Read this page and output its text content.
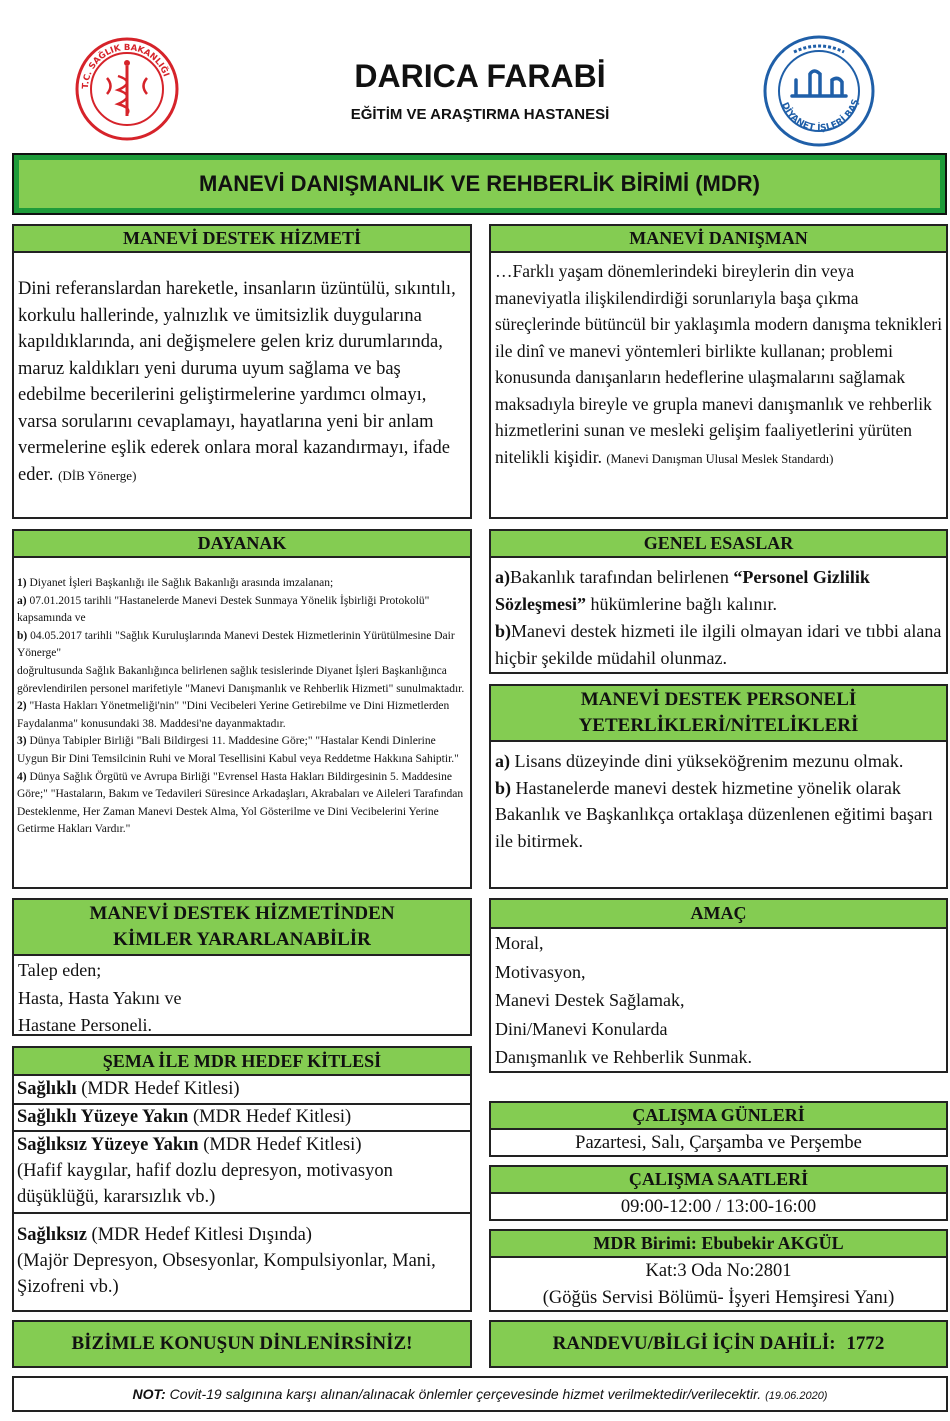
T.C. SAĞLIK BAKANLIĞI	DARICA FARABİ
EĞİTİM VE ARAŞTIRMA HASTANESİ	DİYANET İŞLERİ BAŞ
MANEVİ DANIŞMANLIK VE REHBERLİK BİRİMİ (MDR)
MANEVİ DESTEK HİZMETİ
Dini referanslardan hareketle, insanların üzüntülü, sıkıntılı, korkulu hallerinde, yalnızlık ve ümitsizlik duygularına kapıldıklarında, ani değişmelere gelen kriz durumlarında, maruz kaldıkları yeni duruma uyum sağlama ve baş edebilme becerilerini geliştirmelerine yardımcı olmayı, varsa sorularını cevaplamayı, hayatlarına yeni bir anlam vermelerine eşlik ederek onlara moral kazandırmayı, ifade eder. (DİB Yönerge)
MANEVİ DANIŞMAN
…Farklı yaşam dönemlerindeki bireylerin din veya maneviyatla ilişkilendirdiği sorunlarıyla başa çıkma süreçlerinde bütüncül bir yaklaşımla modern danışma teknikleri ile dinî ve manevi yöntemleri birlikte kullanan; problemi konusunda danışanların hedeflerine ulaşmalarını sağlamak maksadıyla bireyle ve grupla manevi danışmanlık ve rehberlik hizmetlerini sunan ve mesleki gelişim faaliyetlerini yürüten nitelikli kişidir. (Manevi Danışman Ulusal Meslek Standardı)
DAYANAK

1) Diyanet İşleri Başkanlığı ile Sağlık Bakanlığı arasında imzalanan;

a) 07.01.2015 tarihli "Hastanelerde Manevi Destek Sunmaya Yönelik İşbirliği Protokolü" kapsamında ve

b) 04.05.2017 tarihli "Sağlık Kuruluşlarında Manevi Destek Hizmetlerinin Yürütülmesine Dair Yönerge"

doğrultusunda Sağlık Bakanlığınca belirlenen sağlık tesislerinde Diyanet İşleri Başkanlığınca görevlendirilen personel marifetiyle "Manevi Danışmanlık ve Rehberlik Hizmeti" sunulmaktadır.

2) "Hasta Hakları Yönetmeliği'nin" "Dini Vecibeleri Yerine Getirebilme ve Dini Hizmetlerden Faydalanma" konusundaki 38. Maddesi'ne dayanmaktadır.

3) Dünya Tabipler Birliği "Bali Bildirgesi 11. Maddesine Göre;" "Hastalar Kendi Dinlerine Uygun Bir Dini Temsilcinin Ruhi ve Moral Tesellisini Kabul veya Reddetme Hakkına Sahiptir."

4) Dünya Sağlık Örgütü ve Avrupa Birliği "Evrensel Hasta Hakları Bildirgesinin 5. Maddesine Göre;" "Hastaların, Bakım ve Tedavileri Süresince Arkadaşları, Akrabaları ve Aileleri Tarafından Desteklenme, Her Zaman Manevi Destek Alma, Yol Gösterilme ve Dini Vecibelerini Yerine Getirme Hakları Vardır."

GENEL ESASLAR

a)Bakanlık tarafından belirlenen “Personel Gizlilik Sözleşmesi” hükümlerine bağlı kalınır.

b)Manevi destek hizmeti ile ilgili olmayan idari ve tıbbi alana hiçbir şekilde müdahil olunmaz.

MANEVİ DESTEK PERSONELİ
YETERLİKLERİ/NİTELİKLERİ

a) Lisans düzeyinde dini yükseköğrenim mezunu olmak.

b) Hastanelerde manevi destek hizmetine yönelik olarak Bakanlık ve Başkanlıkça ortaklaşa düzenlenen eğitimi başarı ile bitirmek.

MANEVİ DESTEK HİZMETİNDEN
KİMLER YARARLANABİLİR

Talep eden;

Hasta, Hasta Yakını ve

Hastane Personeli.

AMAÇ

Moral,

Motivasyon,

Manevi Destek Sağlamak,

Dini/Manevi Konularda

Danışmanlık ve Rehberlik Sunmak.

ŞEMA İLE MDR HEDEF KİTLESİ
Sağlıklı (MDR Hedef Kitlesi)
Sağlıklı Yüzeye Yakın (MDR Hedef Kitlesi)
Sağlıksız Yüzeye Yakın (MDR Hedef Kitlesi)
(Hafif kaygılar, hafif dozlu depresyon, motivasyon düşüklüğü, kararsızlık vb.)
Sağlıksız (MDR Hedef Kitlesi Dışında)
(Majör Depresyon, Obsesyonlar, Kompulsiyonlar, Mani, Şizofreni vb.)
ÇALIŞMA GÜNLERİ
Pazartesi, Salı, Çarşamba ve Perşembe
ÇALIŞMA SAATLERİ
09:00-12:00 / 13:00-16:00
MDR Birimi: Ebubekir AKGÜL
Kat:3 Oda No:2801
(Göğüs Servisi Bölümü- İşyeri Hemşiresi Yanı)
BİZİMLE KONUŞUN DİNLENİRSİNİZ!	RANDEVU/BİLGİ İÇİN DAHİLİ: 1772
NOT: Covit-19 salgınına karşı alınan/alınacak önlemler çerçevesinde hizmet verilmektedir/verilecektir. (19.06.2020)
